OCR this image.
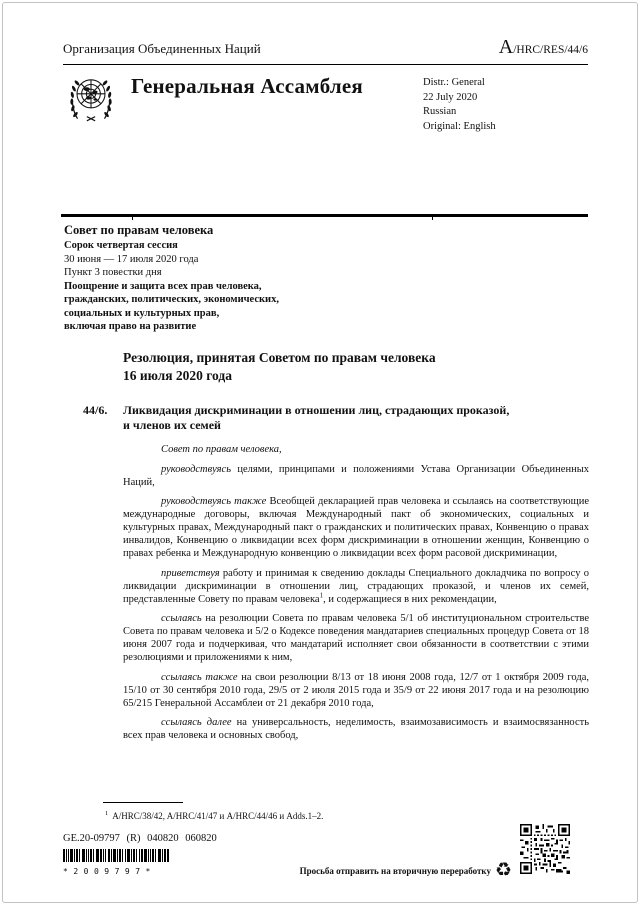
Организация Объединенных Наций	A/HRC/RES/44/6
Генеральная Ассамблея	Distr.: General
22 July 2020
Russian
Original: English
Совет по правам человека
Сорок четвертая сессия
30 июня — 17 июля 2020 года
Пункт 3 повестки дня
Поощрение и защита всех прав человека,
гражданских, политических, экономических,
социальных и культурных прав,
включая право на развитие
Резолюция, принятая Советом по правам человека
16 июля 2020 года
44/6.	Ликвидация дискриминации в отношении лиц, страдающих проказой, и членов их семей

Совет по правам человека,

руководствуясь целями, принципами и положениями Устава Организации Объединенных Наций,

руководствуясь также Всеобщей декларацией прав человека и ссылаясь на соответствующие международные договоры, включая Международный пакт об экономических, социальных и культурных правах, Международный пакт о гражданских и политических правах, Конвенцию о правах инвалидов, Конвенцию о ликвидации всех форм дискриминации в отношении женщин, Конвенцию о правах ребенка и Международную конвенцию о ликвидации всех форм расовой дискриминации,

приветствуя работу и принимая к сведению доклады Специального докладчика по вопросу о ликвидации дискриминации в отношении лиц, страдающих проказой, и членов их семей, представленные Совету по правам человека$^1$, и содержащиеся в них рекомендации,

ссылаясь на резолюции Совета по правам человека 5/1 об институциональном строительстве Совета по правам человека и 5/2 о Кодексе поведения мандатариев специальных процедур Совета от 18 июня 2007 года и подчеркивая, что мандатарий исполняет свои обязанности в соответствии с этими резолюциями и приложениями к ним,

ссылаясь также на свои резолюции 8/13 от 18 июня 2008 года, 12/7 от 1 октября 2009 года, 15/10 от 30 сентября 2010 года, 29/5 от 2 июля 2015 года и 35/9 от 22 июня 2017 года и на резолюцию 65/215 Генеральной Ассамблеи от 21 декабря 2010 года,

ссылаясь далее на универсальность, неделимость, взаимозависимость и взаимосвязанность всех прав человека и основных свобод,

$^1$ A/HRC/38/42, A/HRC/41/47 и A/HRC/44/46 и Adds.1–2.
GE.20-09797 (R) 040820 060820
*2009797*	Просьба отправить на вторичную переработку ♻
